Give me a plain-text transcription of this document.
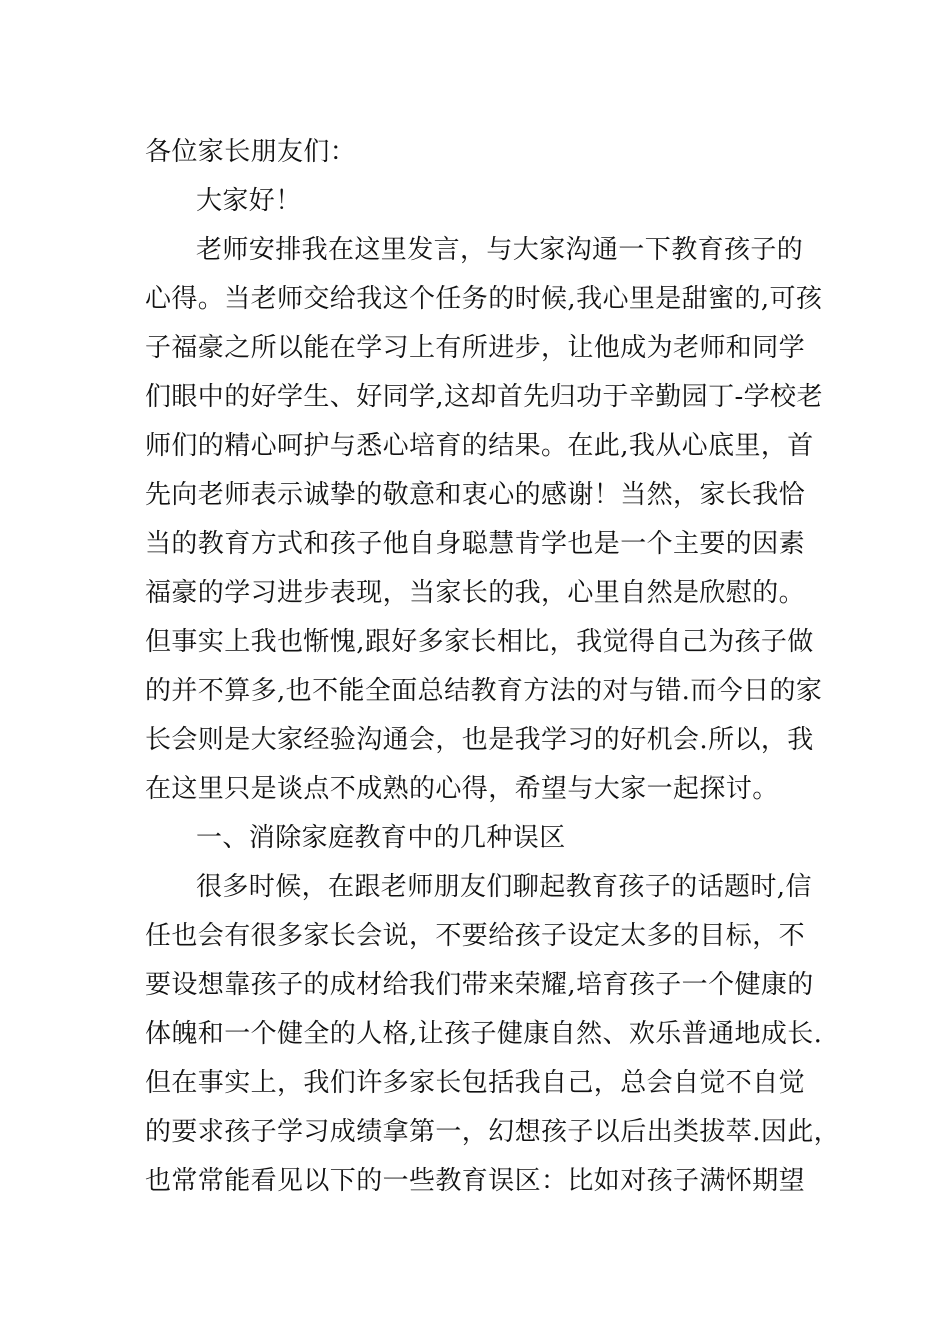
各位家长朋友们：
大家好！
老师安排我在这里发言，与大家沟通一下教育孩子的
心得。当老师交给我这个任务的时候,我心里是甜蜜的,可孩
子福豪之所以能在学习上有所进步，让他成为老师和同学
们眼中的好学生、好同学,这却首先归功于辛勤园丁-学校老
师们的精心呵护与悉心培育的结果。在此,我从心底里，首
先向老师表示诚挚的敬意和衷心的感谢！当然，家长我恰
当的教育方式和孩子他自身聪慧肯学也是一个主要的因素
福豪的学习进步表现，当家长的我，心里自然是欣慰的。
但事实上我也惭愧,跟好多家长相比，我觉得自己为孩子做
的并不算多,也不能全面总结教育方法的对与错.而今日的家
长会则是大家经验沟通会，也是我学习的好机会.所以，我
在这里只是谈点不成熟的心得，希望与大家一起探讨。
一、消除家庭教育中的几种误区
很多时候，在跟老师朋友们聊起教育孩子的话题时,信
任也会有很多家长会说，不要给孩子设定太多的目标，不
要设想靠孩子的成材给我们带来荣耀,培育孩子一个健康的
体魄和一个健全的人格,让孩子健康自然、欢乐普通地成长.
但在事实上，我们许多家长包括我自己，总会自觉不自觉
的要求孩子学习成绩拿第一，幻想孩子以后出类拔萃.因此，
也常常能看见以下的一些教育误区：比如对孩子满怀期望
